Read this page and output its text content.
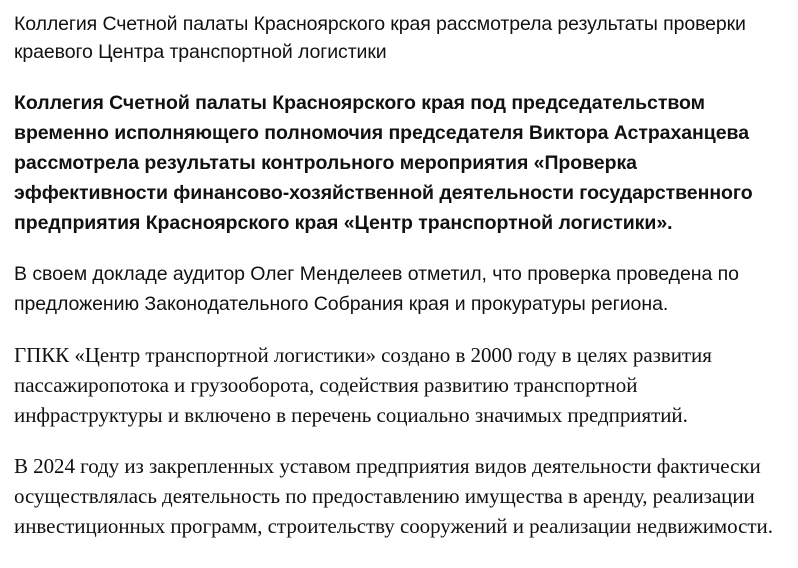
Коллегия Счетной палаты Красноярского края рассмотрела результаты проверки краевого Центра транспортной логистики

Коллегия Счетной палаты Красноярского края под председательством временно исполняющего полномочия председателя Виктора Астраханцева рассмотрела результаты контрольного мероприятия «Проверка эффективности финансово-хозяйственной деятельности государственного предприятия Красноярского края «Центр транспортной логистики».

В своем докладе аудитор Олег Менделеев отметил, что проверка проведена по предложению Законодательного Собрания края и прокуратуры региона.

ГПКК «Центр транспортной логистики» создано в 2000 году в целях развития пассажиропотока и грузооборота, содействия развитию транспортной инфраструктуры и включено в перечень социально значимых предприятий.

В 2024 году из закрепленных уставом предприятия видов деятельности фактически осуществлялась деятельность по предоставлению имущества в аренду, реализации инвестиционных программ, строительству сооружений и реализации недвижимости.
